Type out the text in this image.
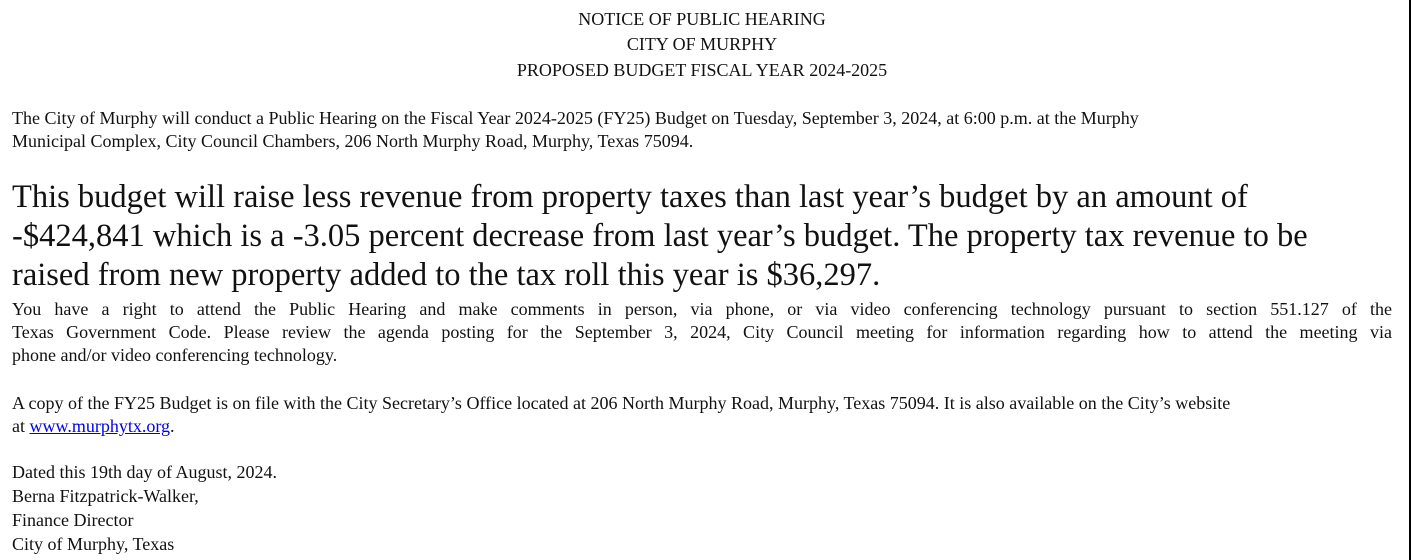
NOTICE OF PUBLIC HEARING
CITY OF MURPHY
PROPOSED BUDGET FISCAL YEAR 2024-2025
The City of Murphy will conduct a Public Hearing on the Fiscal Year 2024-2025 (FY25) Budget on Tuesday, September 3, 2024, at 6:00 p.m. at the Murphy
Municipal Complex, City Council Chambers, 206 North Murphy Road, Murphy, Texas 75094.
This budget will raise less revenue from property taxes than last year’s budget by an amount of
-$424,841 which is a -3.05 percent decrease from last year’s budget. The property tax revenue to be
raised from new property added to the tax roll this year is $36,297.
You have a right to attend the Public Hearing and make comments in person, via phone, or via video conferencing technology pursuant to section 551.127 of the
Texas Government Code. Please review the agenda posting for the September 3, 2024, City Council meeting for information regarding how to attend the meeting via
phone and/or video conferencing technology.
A copy of the FY25 Budget is on file with the City Secretary’s Office located at 206 North Murphy Road, Murphy, Texas 75094. It is also available on the City’s website
at www.murphytx.org.
Dated this 19th day of August, 2024.
Berna Fitzpatrick-Walker,
Finance Director
City of Murphy, Texas
